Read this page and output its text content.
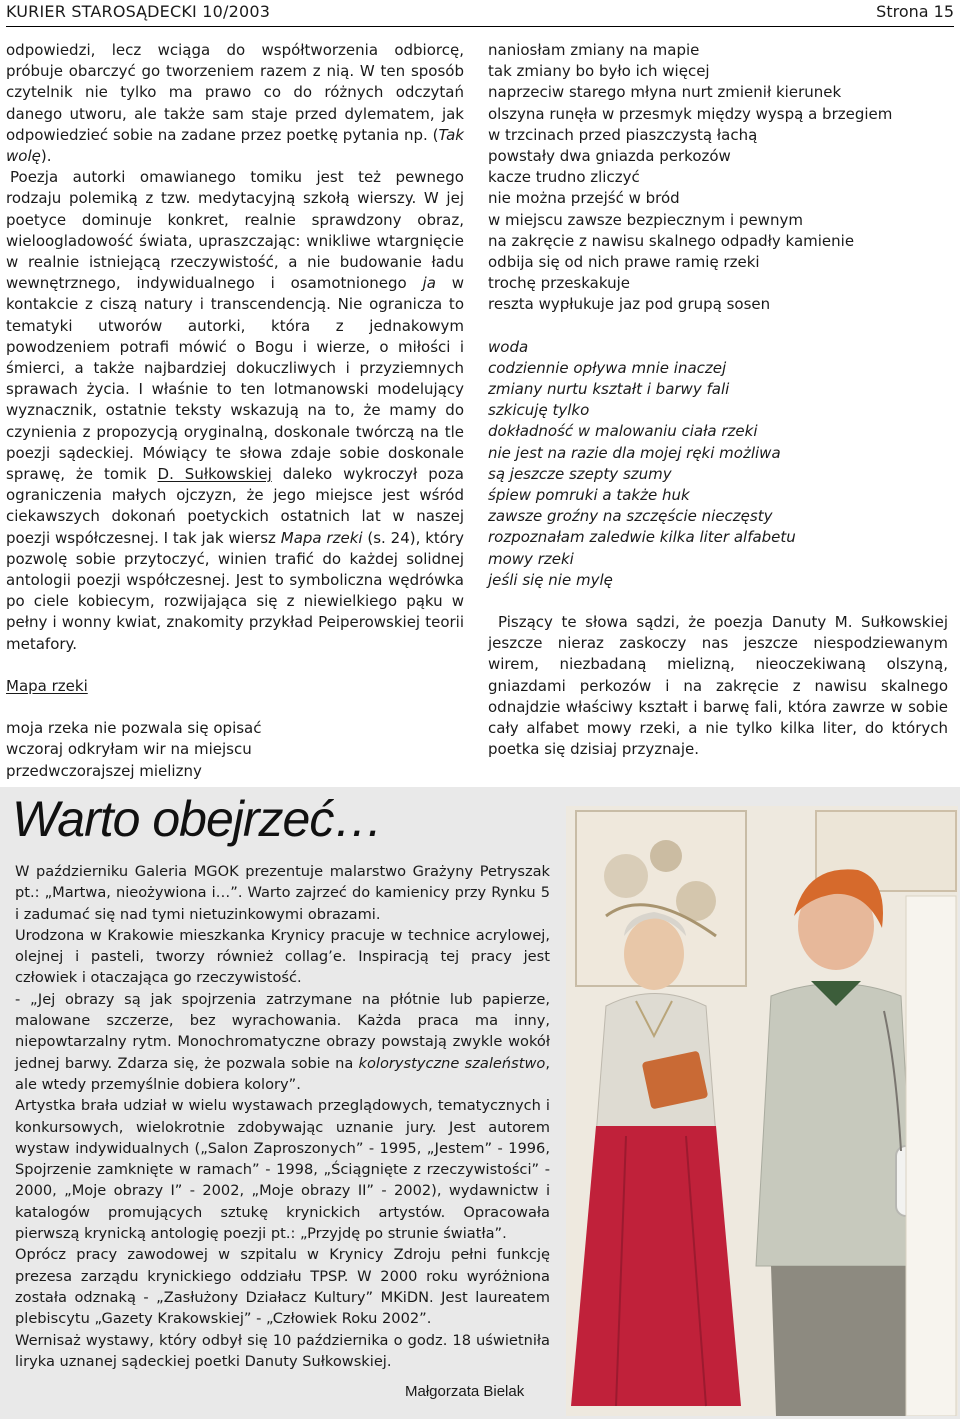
KURIER STAROSĄDECKI 10/2003	Strona 15

odpowiedzi, lecz wciąga do współtworzenia odbiorcę, próbuje obarczyć go tworzeniem razem z nią. W ten sposób czytelnik nie tylko ma prawo co do różnych odczytań danego utworu, ale także sam staje przed dylematem, jak odpowiedzieć sobie na zadane przez poetkę pytania np. (Tak wolę).

Poezja autorki omawianego tomiku jest też pewnego rodzaju polemiką z tzw. medytacyjną szkołą wierszy. W jej poetyce dominuje konkret, realnie sprawdzony obraz, wieloogladowość świata, upraszczając: wnikliwe wtargnięcie w realnie istniejącą rzeczywistość, a nie budowanie ładu wewnętrznego, indywidualnego i osamotnionego ja w kontakcie z ciszą natury i transcendencją. Nie ogranicza to tematyki utworów autorki, która z jednakowym powodzeniem potrafi mówić o Bogu i wierze, o miłości i śmierci, a także najbardziej dokuczliwych i przyziemnych sprawach życia. I właśnie to ten lotmanowski modelujący wyznacznik, ostatnie teksty wskazują na to, że mamy do czynienia z propozycją oryginalną, doskonale twórczą na tle poezji sądeckiej. Mówiący te słowa zdaje sobie doskonale sprawę, że tomik D. Sułkowskiej daleko wykroczył poza ograniczenia małych ojczyzn, że jego miejsce jest wśród ciekawszych dokonań poetyckich ostatnich lat w naszej poezji współczesnej. I tak jak wiersz Mapa rzeki (s. 24), który pozwolę sobie przytoczyć, winien trafić do każdej solidnej antologii poezji współczesnej. Jest to symboliczna wędrówka po ciele kobiecym, rozwijająca się z niewielkiego pąku w pełny i wonny kwiat, znakomity przykład Peiperowskiej teorii metafory.

Mapa rzeki

moja rzeka nie pozwala się opisać

wczoraj odkryłam wir na miejscu

przedwczorajszej mielizny

naniosłam zmiany na mapie

tak zmiany bo było ich więcej

naprzeciw starego młyna nurt zmienił kierunek

olszyna runęła w przesmyk między wyspą a brzegiem

w trzcinach przed piaszczystą łachą

powstały dwa gniazda perkozów

kacze trudno zliczyć

nie można przejść w bród

w miejscu zawsze bezpiecznym i pewnym

na zakręcie z nawisu skalnego odpadły kamienie

odbija się od nich prawe ramię rzeki

trochę przeskakuje

reszta wypłukuje jaz pod grupą sosen

woda

codziennie opływa mnie inaczej

zmiany nurtu kształt i barwy fali

szkicuję tylko

dokładność w malowaniu ciała rzeki

nie jest na razie dla mojej ręki możliwa

są jeszcze szepty szumy

śpiew pomruki a także huk

zawsze groźny na szczęście nieczęsty

rozpoznałam zaledwie kilka liter alfabetu

mowy rzeki

jeśli się nie mylę

Piszący te słowa sądzi, że poezja Danuty M. Sułkowskiej jeszcze nieraz zaskoczy nas jeszcze niespodziewanym wirem, niezbadaną mielizną, nieoczekiwaną olszyną, gniazdami perkozów i na zakręcie z nawisu skalnego odnajdzie właściwy kształt i barwę fali, która zawrze w sobie cały alfabet mowy rzeki, a nie tylko kilka liter, do których poetka się dzisiaj przyznaje.

Warto obejrzeć…

W październiku Galeria MGOK prezentuje malarstwo Grażyny Petryszak pt.: „Martwa, nieożywiona i…”. Warto zajrzeć do kamienicy przy Rynku 5 i zadumać się nad tymi nietuzinkowymi obrazami.

Urodzona w Krakowie mieszkanka Krynicy pracuje w technice acrylowej, olejnej i pasteli, tworzy również collag’e. Inspiracją tej pracy jest człowiek i otaczająca go rzeczywistość.

- „Jej obrazy są jak spojrzenia zatrzymane na płótnie lub papierze, malowane szczerze, bez wyrachowania. Każda praca ma inny, niepowtarzalny rytm. Monochromatyczne obrazy powstają zwykle wokół jednej barwy. Zdarza się, że pozwala sobie na kolorystyczne szaleństwo, ale wtedy przemyślnie dobiera kolory”.

Artystka brała udział w wielu wystawach przeglądowych, tematycznych i konkursowych, wielokrotnie zdobywając uznanie jury. Jest autorem wystaw indywidualnych („Salon Zaproszonych” - 1995, „Jestem” - 1996, Spojrzenie zamknięte w ramach” - 1998, „Ściągnięte z rzeczywistości” - 2000, „Moje obrazy I” - 2002, „Moje obrazy II” - 2002), wydawnictw i katalogów promujących sztukę krynickich artystów. Opracowała pierwszą krynicką antologię poezji pt.: „Przyjdę po strunie światła”.

Oprócz pracy zawodowej w szpitalu w Krynicy Zdroju pełni funkcję prezesa zarządu krynickiego oddziału TPSP. W 2000 roku wyróżniona została odznaką - „Zasłużony Działacz Kultury” MKiDN. Jest laureatem plebiscytu „Gazety Krakowskiej” - „Człowiek Roku 2002”.

Wernisaż wystawy, który odbył się 10 października o godz. 18 uświetniła liryka uznanej sądeckiej poetki Danuty Sułkowskiej.

Małgorzata Bielak
